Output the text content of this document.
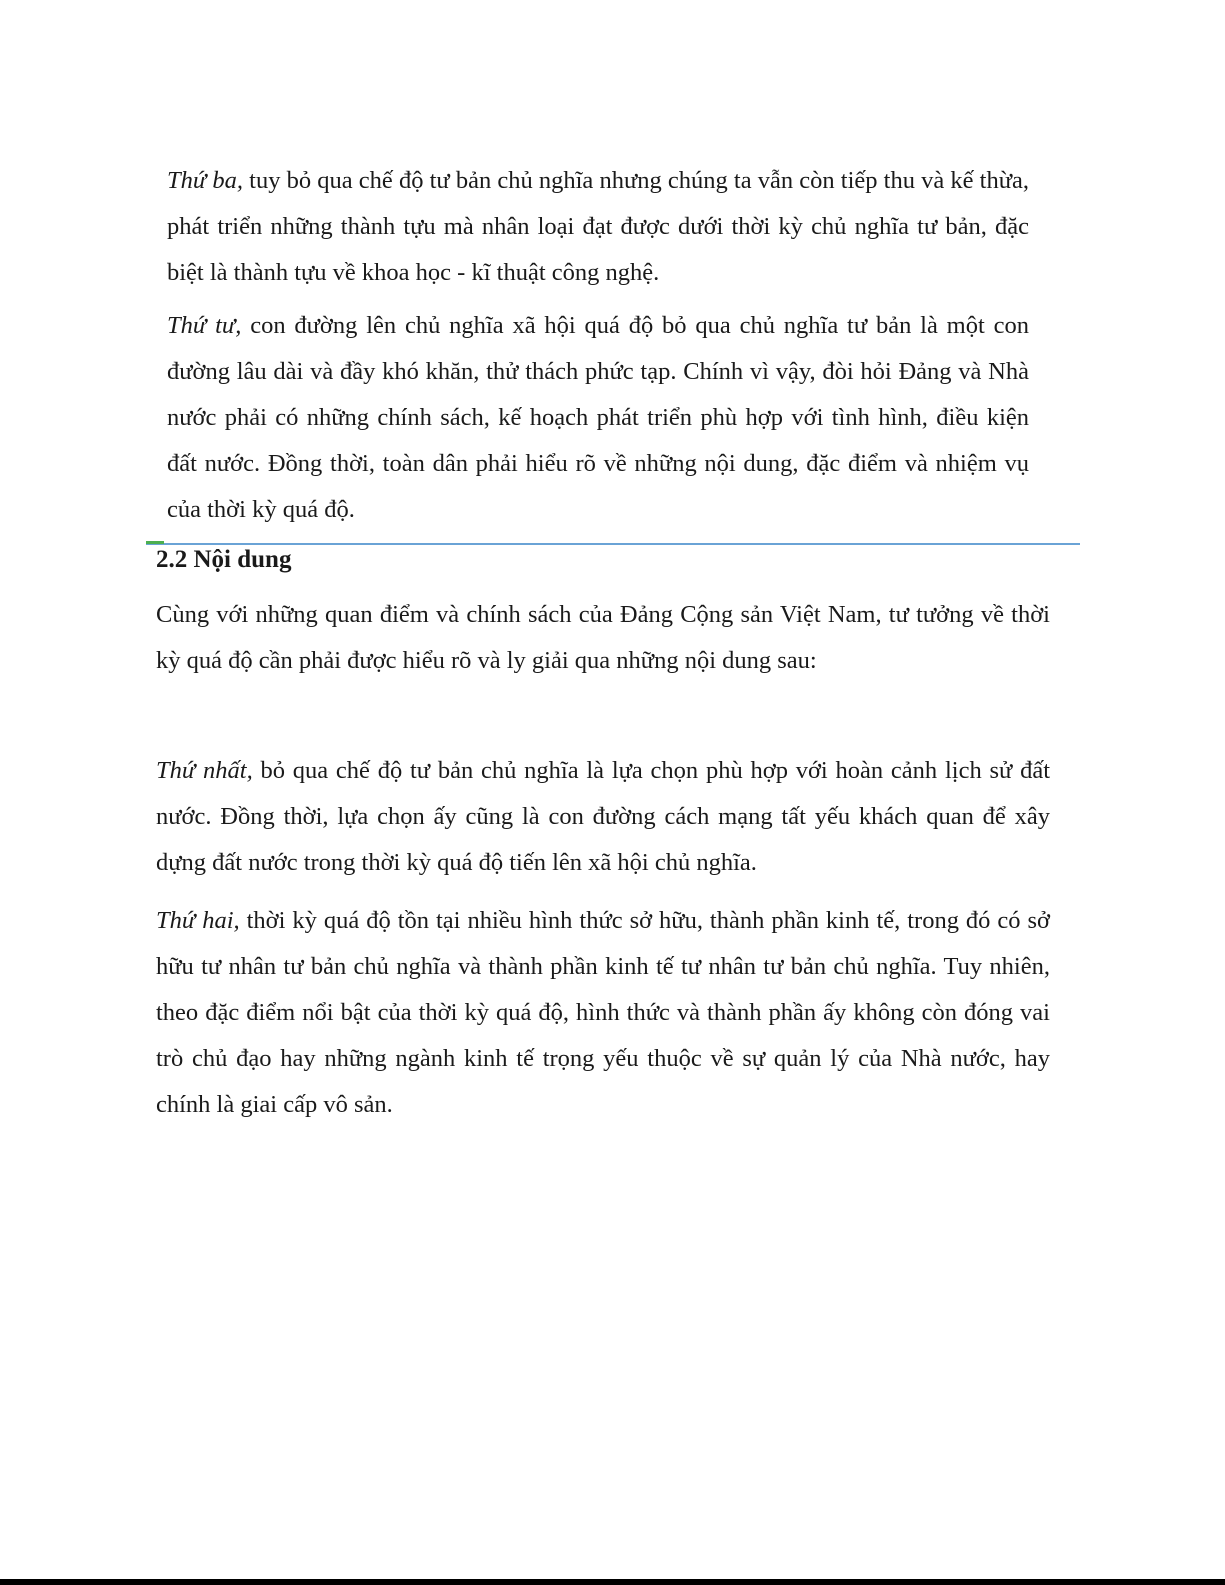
Thứ ba, tuy bỏ qua chế độ tư bản chủ nghĩa nhưng chúng ta vẫn còn tiếp thu và kế thừa, phát triển những thành tựu mà nhân loại đạt được dưới thời kỳ chủ nghĩa tư bản, đặc biệt là thành tựu về khoa học - kĩ thuật công nghệ.

Thứ tư, con đường lên chủ nghĩa xã hội quá độ bỏ qua chủ nghĩa tư bản là một con đường lâu dài và đầy khó khăn, thử thách phức tạp. Chính vì vậy, đòi hỏi Đảng và Nhà nước phải có những chính sách, kế hoạch phát triển phù hợp với tình hình, điều kiện đất nước. Đồng thời, toàn dân phải hiểu rõ về những nội dung, đặc điểm và nhiệm vụ của thời kỳ quá độ.

2.2 Nội dung

Cùng với những quan điểm và chính sách của Đảng Cộng sản Việt Nam, tư tưởng về thời kỳ quá độ cần phải được hiểu rõ và ly giải qua những nội dung sau:

Thứ nhất, bỏ qua chế độ tư bản chủ nghĩa là lựa chọn phù hợp với hoàn cảnh lịch sử đất nước. Đồng thời, lựa chọn ấy cũng là con đường cách mạng tất yếu khách quan để xây dựng đất nước trong thời kỳ quá độ tiến lên xã hội chủ nghĩa.

Thứ hai, thời kỳ quá độ tồn tại nhiều hình thức sở hữu, thành phần kinh tế, trong đó có sở hữu tư nhân tư bản chủ nghĩa và thành phần kinh tế tư nhân tư bản chủ nghĩa. Tuy nhiên, theo đặc điểm nổi bật của thời kỳ quá độ, hình thức và thành phần ấy không còn đóng vai trò chủ đạo hay những ngành kinh tế trọng yếu thuộc về sự quản lý của Nhà nước, hay chính là giai cấp vô sản.
